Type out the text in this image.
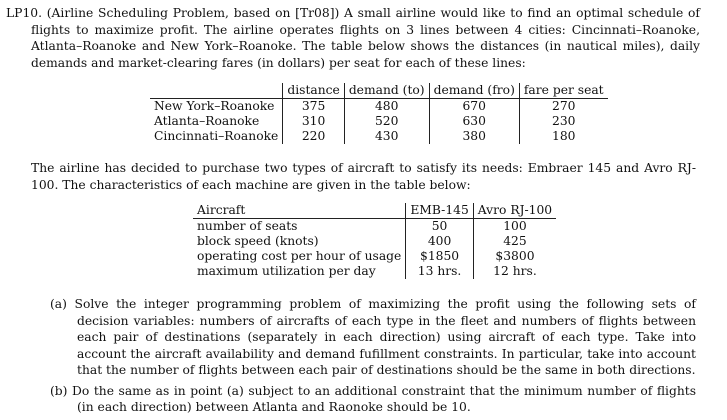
LP10. (Airline Scheduling Problem, based on [Tr08]) A small airline would like to find an optimal schedule of flights to maximize profit. The airline operates flights on 3 lines between 4 cities: Cincinnati–Roanoke, Atlanta–Roanoke and New York–Roanoke. The table below shows the distances (in nautical miles), daily demands and market-clearing fares (in dollars) per seat for each of these lines:
	distance	demand (to)	demand (fro)	fare per seat
New York–Roanoke	375	480	670	270
Atlanta–Roanoke	310	520	630	230
Cincinnati–Roanoke	220	430	380	180
The airline has decided to purchase two types of aircraft to satisfy its needs: Embraer 145 and Avro RJ-100. The characteristics of each machine are given in the table below:
Aircraft	EMB-145	Avro RJ-100
number of seats	50	100
block speed (knots)	400	425
operating cost per hour of usage	$1850	$3800
maximum utilization per day	13 hrs.	12 hrs.
(a) Solve the integer programming problem of maximizing the profit using the following sets of decision variables: numbers of aircrafts of each type in the fleet and numbers of flights between each pair of destinations (separately in each direction) using aircraft of each type. Take into account the aircraft availability and demand fufillment constraints. In particular, take into account that the number of flights between each pair of destinations should be the same in both directions.
(b) Do the same as in point (a) subject to an additional constraint that the minimum number of flights (in each direction) between Atlanta and Raonoke should be 10.
